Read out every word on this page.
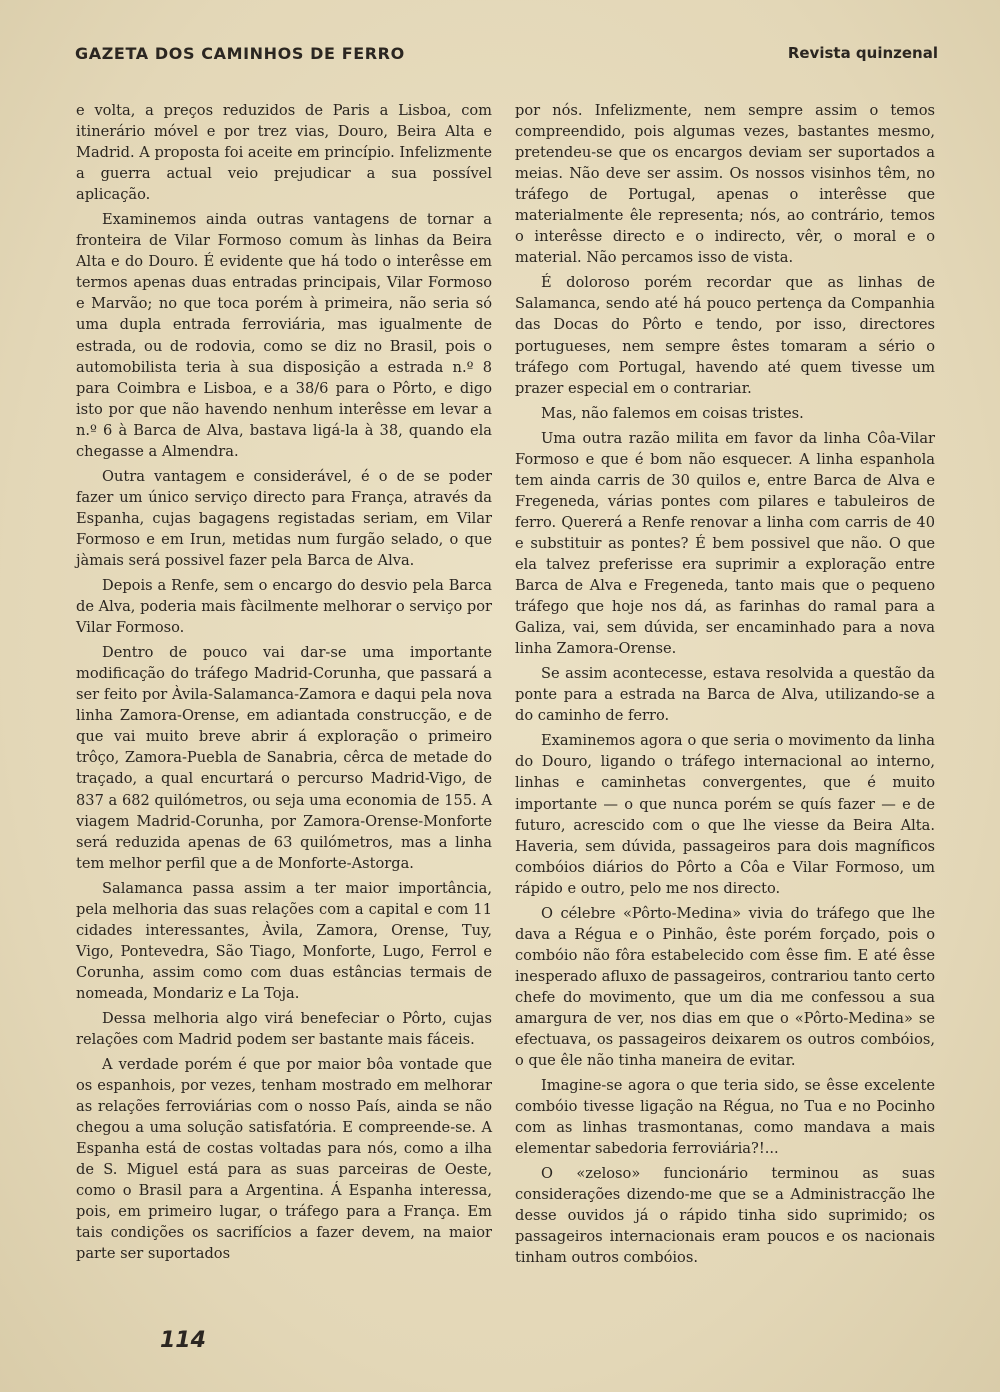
GAZETA DOS CAMINHOS DE FERRO	Revista quinzenal

e volta, a preços reduzidos de Paris a Lisboa, com itinerário móvel e por trez vias, Douro, Beira Alta e Madrid. A proposta foi aceite em princípio. Infelizmente a guerra actual veio prejudicar a sua possível aplicação.

Examinemos ainda outras vantagens de tornar a fronteira de Vilar Formoso comum às linhas da Beira Alta e do Douro. É evidente que há todo o interêsse em termos apenas duas entradas principais, Vilar Formoso e Marvão; no que toca porém à primeira, não seria só uma dupla entrada ferroviária, mas igualmente de estrada, ou de rodovia, como se diz no Brasil, pois o automobilista teria à sua disposição a estrada n.º 8 para Coimbra e Lisboa, e a 38/6 para o Pôrto, e digo isto por que não havendo nenhum interêsse em levar a n.º 6 à Barca de Alva, bastava ligá-la à 38, quando ela chegasse a Almendra.

Outra vantagem e considerável, é o de se poder fazer um único serviço directo para França, através da Espanha, cujas bagagens registadas seriam, em Vilar Formoso e em Irun, metidas num furgão selado, o que jàmais será possivel fazer pela Barca de Alva.

Depois a Renfe, sem o encargo do desvio pela Barca de Alva, poderia mais fàcilmente melhorar o serviço por Vilar Formoso.

Dentro de pouco vai dar-se uma importante modificação do tráfego Madrid-Corunha, que passará a ser feito por Àvila-Salamanca-Zamora e daqui pela nova linha Zamora-Orense, em adiantada construcção, e de que vai muito breve abrir á exploração o primeiro trôço, Zamora-Puebla de Sanabria, cêrca de metade do traçado, a qual encurtará o percurso Madrid-Vigo, de 837 a 682 quilómetros, ou seja uma economia de 155. A viagem Madrid-Corunha, por Zamora-Orense-Monforte será reduzida apenas de 63 quilómetros, mas a linha tem melhor perfil que a de Monforte-Astorga.

Salamanca passa assim a ter maior importância, pela melhoria das suas relações com a capital e com 11 cidades interessantes, Àvila, Zamora, Orense, Tuy, Vigo, Pontevedra, São Tiago, Monforte, Lugo, Ferrol e Corunha, assim como com duas estâncias termais de nomeada, Mondariz e La Toja.

Dessa melhoria algo virá benefeciar o Pôrto, cujas relações com Madrid podem ser bastante mais fáceis.

A verdade porém é que por maior bôa vontade que os espanhois, por vezes, tenham mostrado em melhorar as relações ferroviárias com o nosso País, ainda se não chegou a uma solução satisfatória. E compreende-se. A Espanha está de costas voltadas para nós, como a ilha de S. Miguel está para as suas parceiras de Oeste, como o Brasil para a Argentina. Á Espanha interessa, pois, em primeiro lugar, o tráfego para a França. Em tais condições os sacrifícios a fazer devem, na maior parte ser suportados

por nós. Infelizmente, nem sempre assim o temos compreendido, pois algumas vezes, bastantes mesmo, pretendeu-se que os encargos deviam ser suportados a meias. Não deve ser assim. Os nossos visinhos têm, no tráfego de Portugal, apenas o interêsse que materialmente êle representa; nós, ao contrário, temos o interêsse directo e o indirecto, vêr, o moral e o material. Não percamos isso de vista.

É doloroso porém recordar que as linhas de Salamanca, sendo até há pouco pertença da Companhia das Docas do Pôrto e tendo, por isso, directores portugueses, nem sempre êstes tomaram a sério o tráfego com Portugal, havendo até quem tivesse um prazer especial em o contrariar.

Mas, não falemos em coisas tristes.

Uma outra razão milita em favor da linha Côa-Vilar Formoso e que é bom não esquecer. A linha espanhola tem ainda carris de 30 quilos e, entre Barca de Alva e Fregeneda, várias pontes com pilares e tabuleiros de ferro. Quererá a Renfe renovar a linha com carris de 40 e substituir as pontes? É bem possivel que não. O que ela talvez preferisse era suprimir a exploração entre Barca de Alva e Fregeneda, tanto mais que o pequeno tráfego que hoje nos dá, as farinhas do ramal para a Galiza, vai, sem dúvida, ser encaminhado para a nova linha Zamora-Orense.

Se assim acontecesse, estava resolvida a questão da ponte para a estrada na Barca de Alva, utilizando-se a do caminho de ferro.

Examinemos agora o que seria o movimento da linha do Douro, ligando o tráfego internacional ao interno, linhas e caminhetas convergentes, que é muito importante — o que nunca porém se quís fazer — e de futuro, acrescido com o que lhe viesse da Beira Alta. Haveria, sem dúvida, passageiros para dois magníficos combóios diários do Pôrto a Côa e Vilar Formoso, um rápido e outro, pelo me nos directo.

O célebre «Pôrto-Medina» vivia do tráfego que lhe dava a Régua e o Pinhão, êste porém forçado, pois o combóio não fôra estabelecido com êsse fim. E até êsse inesperado afluxo de passageiros, contrariou tanto certo chefe do movimento, que um dia me confessou a sua amargura de ver, nos dias em que o «Pôrto-Medina» se efectuava, os passageiros deixarem os outros combóios, o que êle não tinha maneira de evitar.

Imagine-se agora o que teria sido, se êsse excelente combóio tivesse ligação na Régua, no Tua e no Pocinho com as linhas trasmontanas, como mandava a mais elementar sabedoria ferroviária?!...

O «zeloso» funcionário terminou as suas considerações dizendo-me que se a Administracção lhe desse ouvidos já o rápido tinha sido suprimido; os passageiros internacionais eram poucos e os nacionais tinham outros combóios.

114
